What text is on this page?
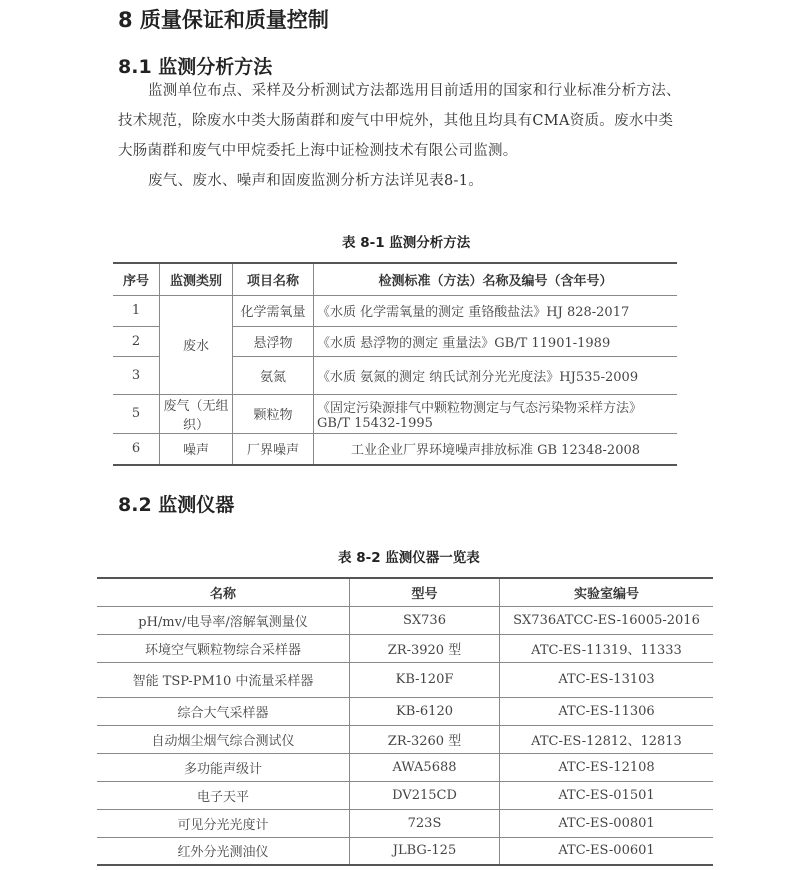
8 质量保证和质量控制
8.1 监测分析方法

监测单位布点、采样及分析测试方法都选用目前适用的国家和行业标准分析方法、技术规范，除废水中类大肠菌群和废气中甲烷外，其他且均具有CMA资质。废水中类大肠菌群和废气中甲烷委托上海中证检测技术有限公司监测。

废气、废水、噪声和固废监测分析方法详见表8-1。

表 8-1 监测分析方法
序号	监测类别	项目名称	检测标准（方法）名称及编号（含年号）
1	废水	化学需氧量	《水质 化学需氧量的测定 重铬酸盐法》HJ 828-2017
2		悬浮物	《水质 悬浮物的测定 重量法》GB/T 11901-1989
3		氨氮	《水质 氨氮的测定 纳氏试剂分光光度法》HJ535-2009
5	废气（无组织）	颗粒物	《固定污染源排气中颗粒物测定与气态污染物采样方法》GB/T 15432-1995
6	噪声	厂界噪声	工业企业厂界环境噪声排放标准 GB 12348-2008
8.2 监测仪器
表 8-2 监测仪器一览表
名称	型号	实验室编号
pH/mv/电导率/溶解氧测量仪	SX736	SX736ATCC-ES-16005-2016
环境空气颗粒物综合采样器	ZR-3920 型	ATC-ES-11319、11333
智能 TSP-PM10 中流量采样器	KB-120F	ATC-ES-13103
综合大气采样器	KB-6120	ATC-ES-11306
自动烟尘烟气综合测试仪	ZR-3260 型	ATC-ES-12812、12813
多功能声级计	AWA5688	ATC-ES-12108
电子天平	DV215CD	ATC-ES-01501
可见分光光度计	723S	ATC-ES-00801
红外分光测油仪	JLBG-125	ATC-ES-00601
